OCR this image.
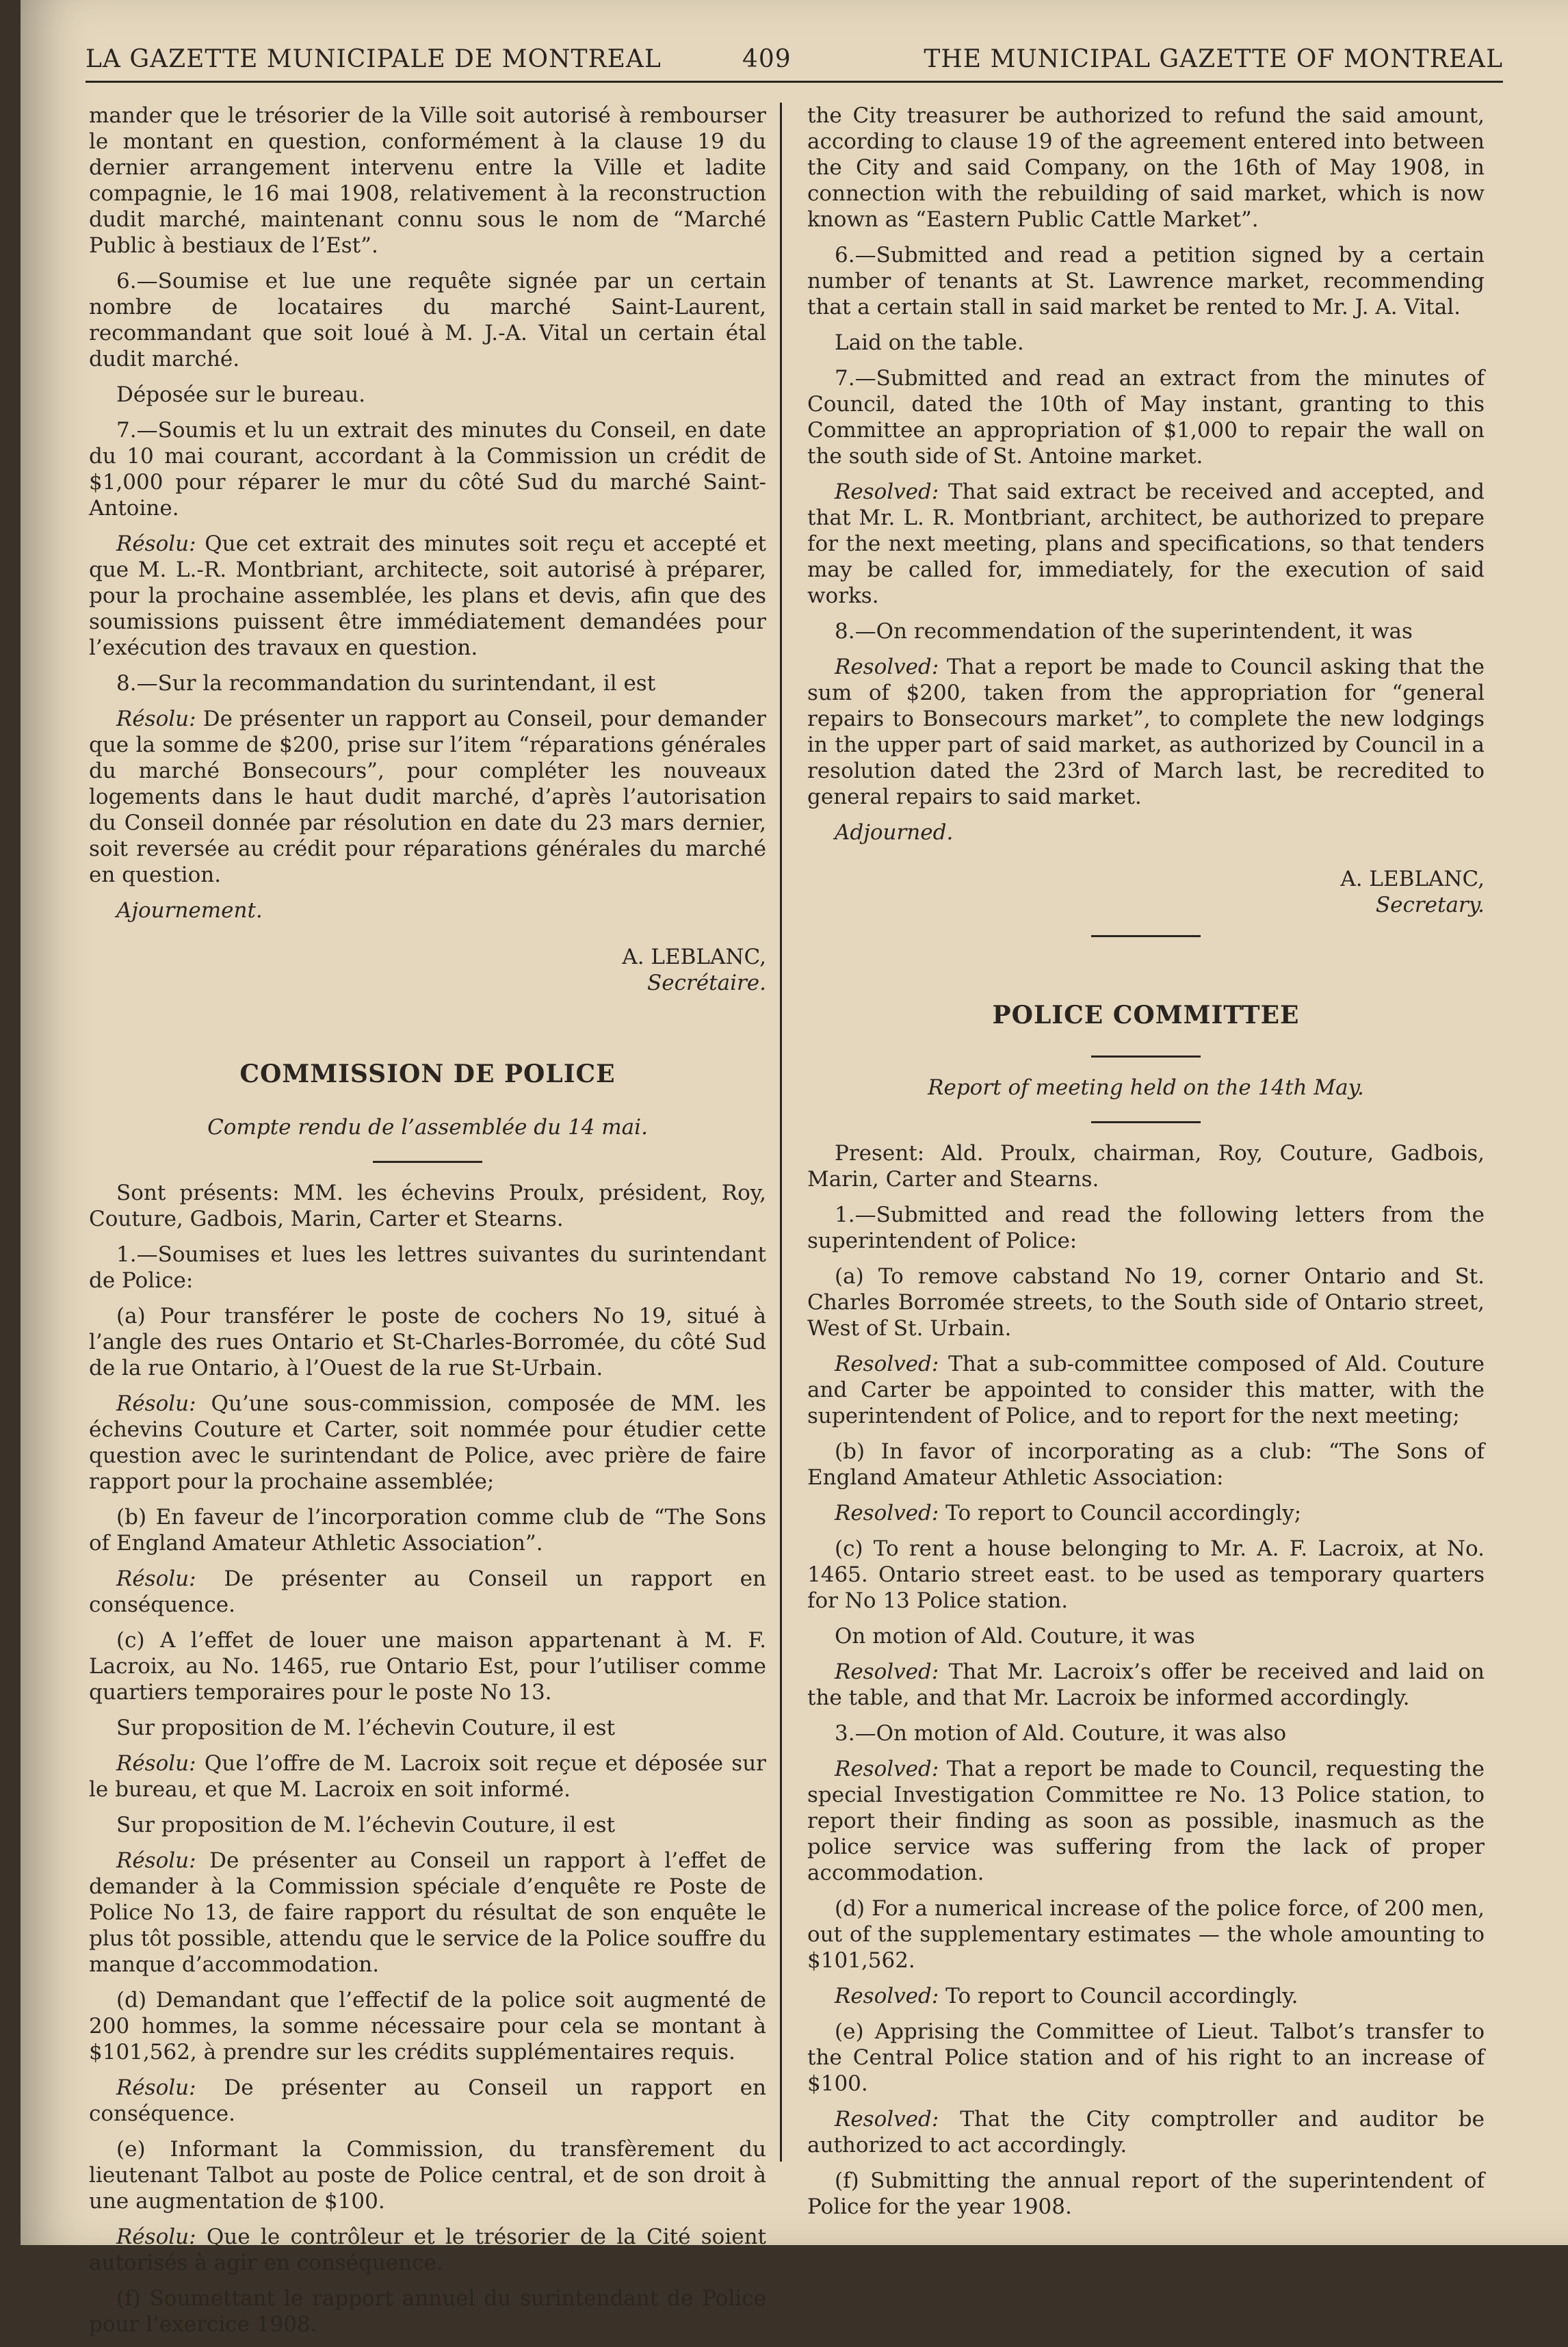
LA GAZETTE MUNICIPALE DE MONTREAL	409	THE MUNICIPAL GAZETTE OF MONTREAL

mander que le trésorier de la Ville soit autorisé à rembourser le montant en question, conformément à la clause 19 du dernier arrangement intervenu entre la Ville et ladite compagnie, le 16 mai 1908, relativement à la reconstruction dudit marché, maintenant connu sous le nom de “Marché Public à bestiaux de l’Est”.

6.—Soumise et lue une requête signée par un certain nombre de locataires du marché Saint-Laurent, recommandant que soit loué à M. J.-A. Vital un certain étal dudit marché.

Déposée sur le bureau.

7.—Soumis et lu un extrait des minutes du Conseil, en date du 10 mai courant, accordant à la Commission un crédit de $1,000 pour réparer le mur du côté Sud du marché Saint-Antoine.

Résolu: Que cet extrait des minutes soit reçu et accepté et que M. L.-R. Montbriant, architecte, soit autorisé à préparer, pour la prochaine assemblée, les plans et devis, afin que des soumissions puissent être immédiatement demandées pour l’exécution des travaux en question.

8.—Sur la recommandation du surintendant, il est

Résolu: De présenter un rapport au Conseil, pour demander que la somme de $200, prise sur l’item “réparations générales du marché Bonsecours”, pour compléter les nouveaux logements dans le haut dudit marché, d’après l’autorisation du Conseil donnée par résolution en date du 23 mars dernier, soit reversée au crédit pour réparations générales du marché en question.

Ajournement.

A. LEBLANC,
Secrétaire.
COMMISSION DE POLICE
Compte rendu de l’assemblée du 14 mai.

Sont présents: MM. les échevins Proulx, président, Roy, Couture, Gadbois, Marin, Carter et Stearns.

1.—Soumises et lues les lettres suivantes du surintendant de Police:

(a) Pour transférer le poste de cochers No 19, situé à l’angle des rues Ontario et St-Charles-Borromée, du côté Sud de la rue Ontario, à l’Ouest de la rue St-Urbain.

Résolu: Qu’une sous-commission, composée de MM. les échevins Couture et Carter, soit nommée pour étudier cette question avec le surintendant de Police, avec prière de faire rapport pour la prochaine assemblée;

(b) En faveur de l’incorporation comme club de “The Sons of England Amateur Athletic Association”.

Résolu: De présenter au Conseil un rapport en conséquence.

(c) A l’effet de louer une maison appartenant à M. F. Lacroix, au No. 1465, rue Ontario Est, pour l’utiliser comme quartiers temporaires pour le poste No 13.

Sur proposition de M. l’échevin Couture, il est

Résolu: Que l’offre de M. Lacroix soit reçue et déposée sur le bureau, et que M. Lacroix en soit informé.

Sur proposition de M. l’échevin Couture, il est

Résolu: De présenter au Conseil un rapport à l’effet de demander à la Commission spéciale d’enquête re Poste de Police No 13, de faire rapport du résultat de son enquête le plus tôt possible, attendu que le service de la Police souffre du manque d’accommodation.

(d) Demandant que l’effectif de la police soit augmenté de 200 hommes, la somme nécessaire pour cela se montant à $101,562, à prendre sur les crédits supplémentaires requis.

Résolu: De présenter au Conseil un rapport en conséquence.

(e) Informant la Commission, du transfèrement du lieutenant Talbot au poste de Police central, et de son droit à une augmentation de $100.

Résolu: Que le contrôleur et le trésorier de la Cité soient autorisés à agir en conséquence.

(f) Soumettant le rapport annuel du surintendant de Police pour l’exercice 1908.

the City treasurer be authorized to refund the said amount, according to clause 19 of the agreement entered into between the City and said Company, on the 16th of May 1908, in connection with the rebuilding of said market, which is now known as “Eastern Public Cattle Market”.

6.—Submitted and read a petition signed by a certain number of tenants at St. Lawrence market, recommending that a certain stall in said market be rented to Mr. J. A. Vital.

Laid on the table.

7.—Submitted and read an extract from the minutes of Council, dated the 10th of May instant, granting to this Committee an appropriation of $1,000 to repair the wall on the south side of St. Antoine market.

Resolved: That said extract be received and accepted, and that Mr. L. R. Montbriant, architect, be authorized to prepare for the next meeting, plans and specifications, so that tenders may be called for, immediately, for the execution of said works.

8.—On recommendation of the superintendent, it was

Resolved: That a report be made to Council asking that the sum of $200, taken from the appropriation for “general repairs to Bonsecours market”, to complete the new lodgings in the upper part of said market, as authorized by Council in a resolution dated the 23rd of March last, be recredited to general repairs to said market.

Adjourned.

A. LEBLANC,
Secretary.
POLICE COMMITTEE
Report of meeting held on the 14th May.

Present: Ald. Proulx, chairman, Roy, Couture, Gadbois, Marin, Carter and Stearns.

1.—Submitted and read the following letters from the superintendent of Police:

(a) To remove cabstand No 19, corner Ontario and St. Charles Borromée streets, to the South side of Ontario street, West of St. Urbain.

Resolved: That a sub-committee composed of Ald. Couture and Carter be appointed to consider this matter, with the superintendent of Police, and to report for the next meeting;

(b) In favor of incorporating as a club: “The Sons of England Amateur Athletic Association:

Resolved: To report to Council accordingly;

(c) To rent a house belonging to Mr. A. F. Lacroix, at No. 1465. Ontario street east. to be used as temporary quarters for No 13 Police station.

On motion of Ald. Couture, it was

Resolved: That Mr. Lacroix’s offer be received and laid on the table, and that Mr. Lacroix be informed accordingly.

3.—On motion of Ald. Couture, it was also

Resolved: That a report be made to Council, requesting the special Investigation Committee re No. 13 Police station, to report their finding as soon as possible, inasmuch as the police service was suffering from the lack of proper accommodation.

(d) For a numerical increase of the police force, of 200 men, out of the supplementary estimates — the whole amounting to $101,562.

Resolved: To report to Council accordingly.

(e) Apprising the Committee of Lieut. Talbot’s transfer to the Central Police station and of his right to an increase of $100.

Resolved: That the City comptroller and auditor be authorized to act accordingly.

(f) Submitting the annual report of the superintendent of Police for the year 1908.
